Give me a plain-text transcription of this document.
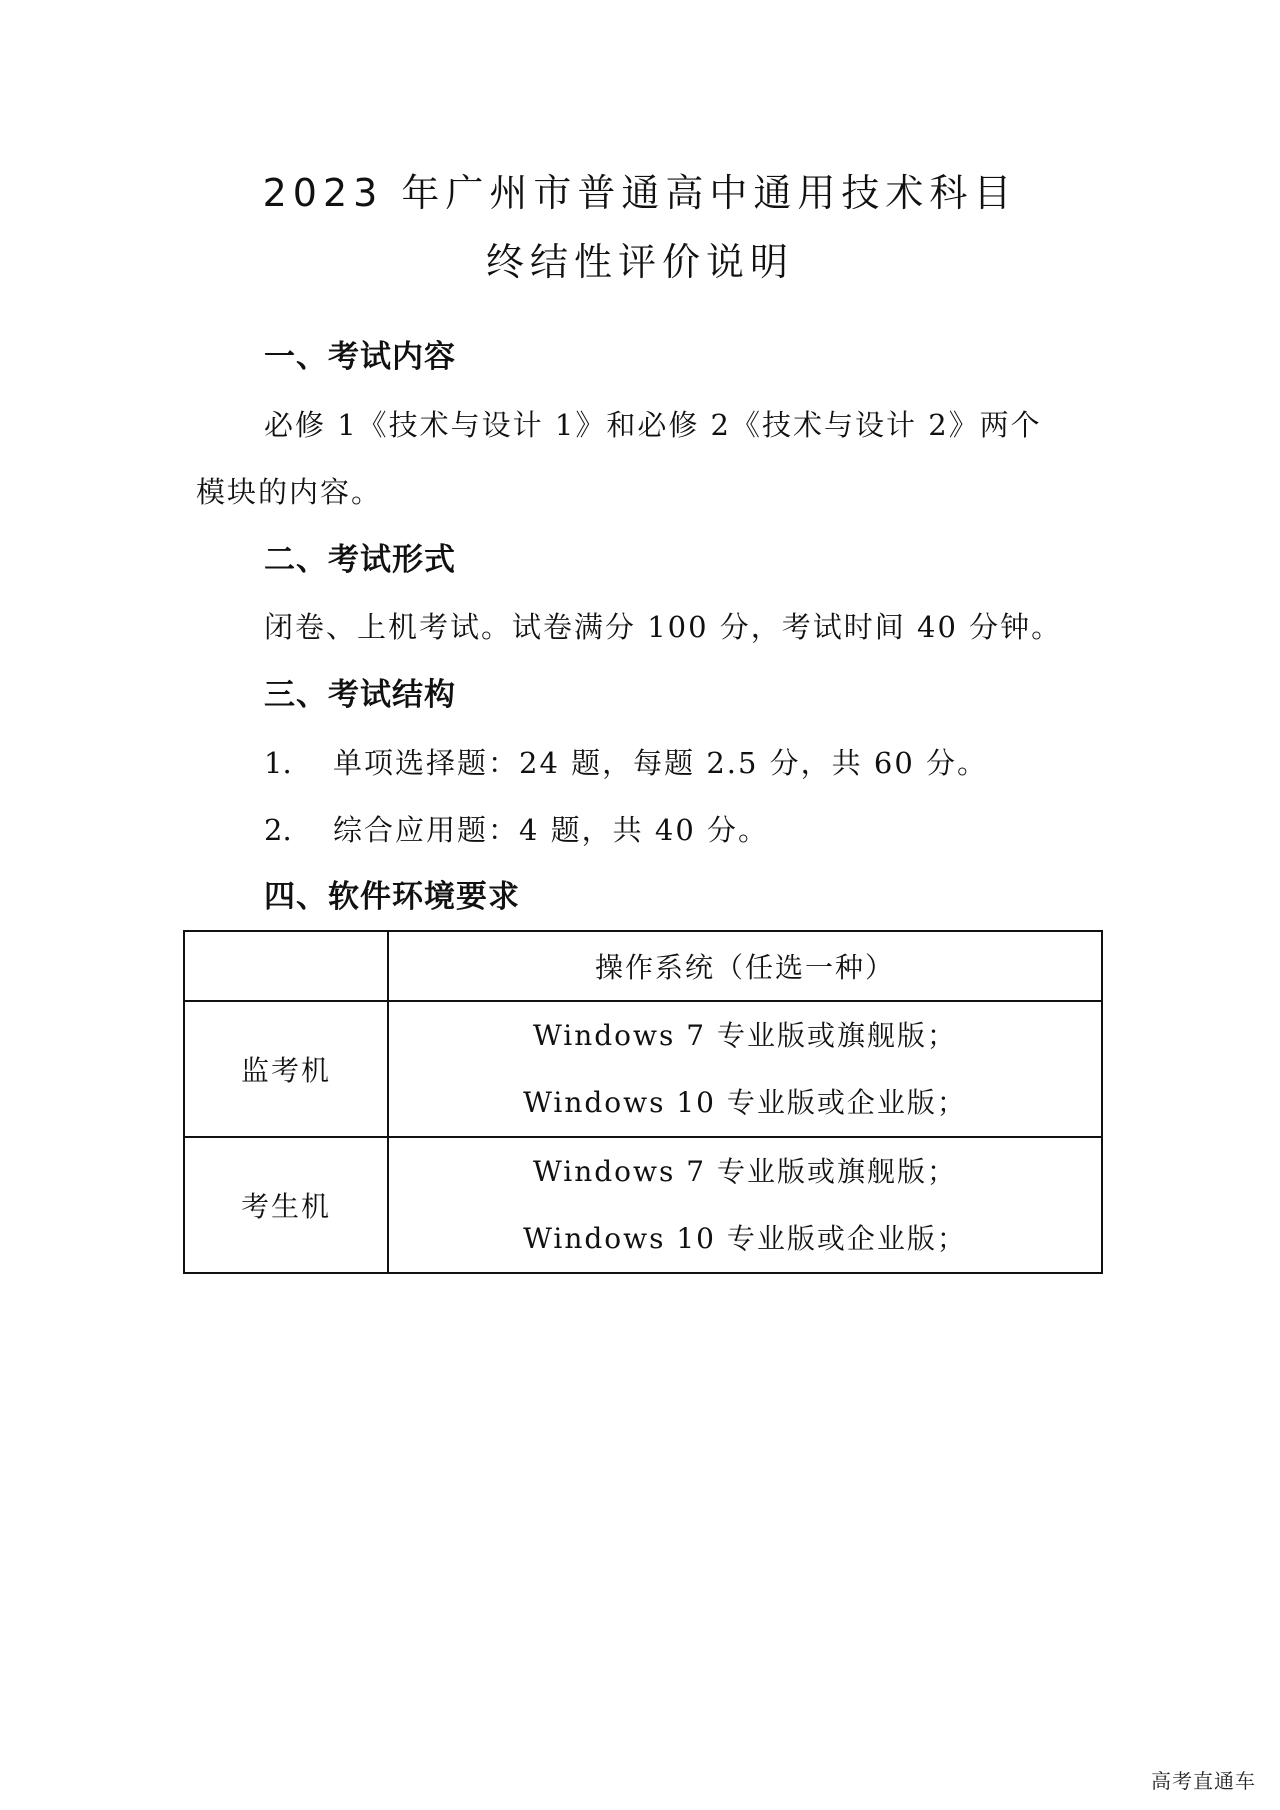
2023 年广州市普通高中通用技术科目
终结性评价说明
一、考试内容
必修 1《技术与设计 1》和必修 2《技术与设计 2》两个
模块的内容。
二、考试形式
闭卷、上机考试。试卷满分 100 分，考试时间 40 分钟。
三、考试结构
1. 单项选择题：24 题，每题 2.5 分，共 60 分。
2. 综合应用题：4 题，共 40 分。
四、软件环境要求
	操作系统（任选一种）
监考机	Windows 7 专业版或旗舰版；
Windows 10 专业版或企业版；

考生机	Windows 7 专业版或旗舰版；
Windows 10 专业版或企业版；
高考直通车
